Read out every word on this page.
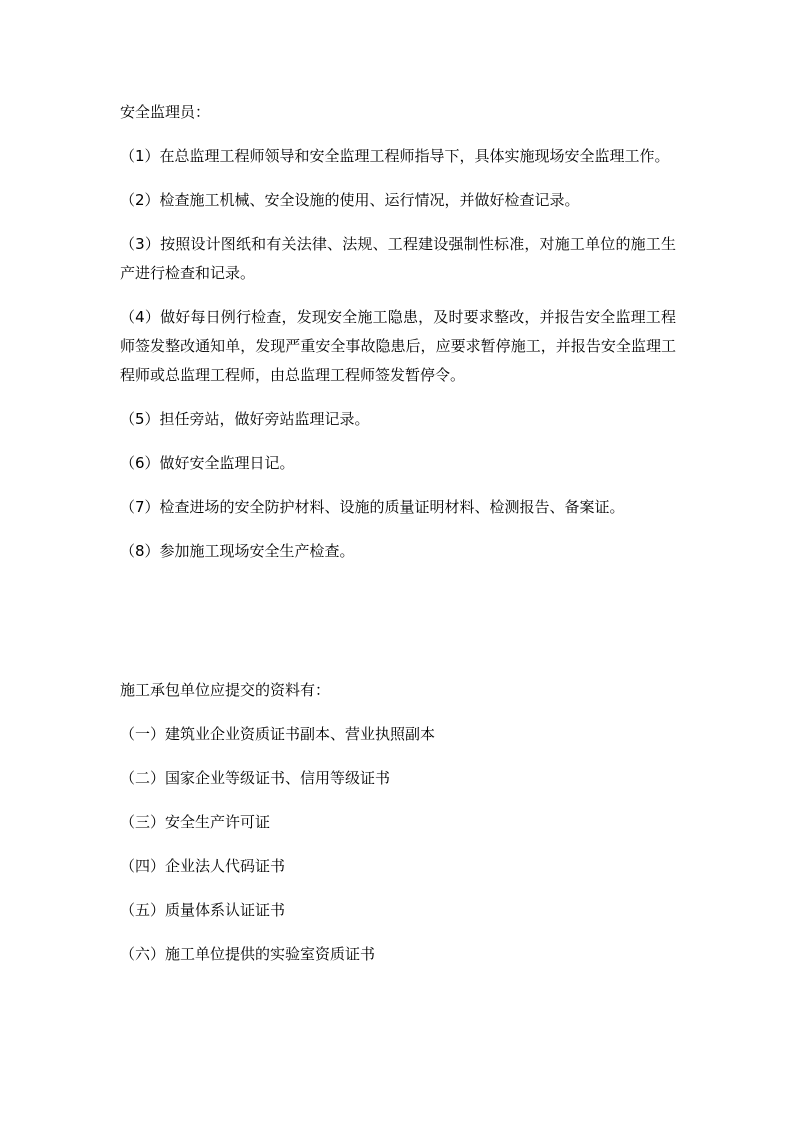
安全监理员：

（1）在总监理工程师领导和安全监理工程师指导下，具体实施现场安全监理工作。

（2）检查施工机械、安全设施的使用、运行情况，并做好检查记录。

（3）按照设计图纸和有关法律、法规、工程建设强制性标准，对施工单位的施工生产进行检查和记录。

（4）做好每日例行检查，发现安全施工隐患，及时要求整改，并报告安全监理工程师签发整改通知单，发现严重安全事故隐患后，应要求暂停施工，并报告安全监理工程师或总监理工程师，由总监理工程师签发暂停令。

（5）担任旁站，做好旁站监理记录。

（6）做好安全监理日记。

（7）检查进场的安全防护材料、设施的质量证明材料、检测报告、备案证。

（8）参加施工现场安全生产检查。

施工承包单位应提交的资料有：

（一）建筑业企业资质证书副本、营业执照副本

（二）国家企业等级证书、信用等级证书

（三）安全生产许可证

（四）企业法人代码证书

（五）质量体系认证证书

（六）施工单位提供的实验室资质证书
